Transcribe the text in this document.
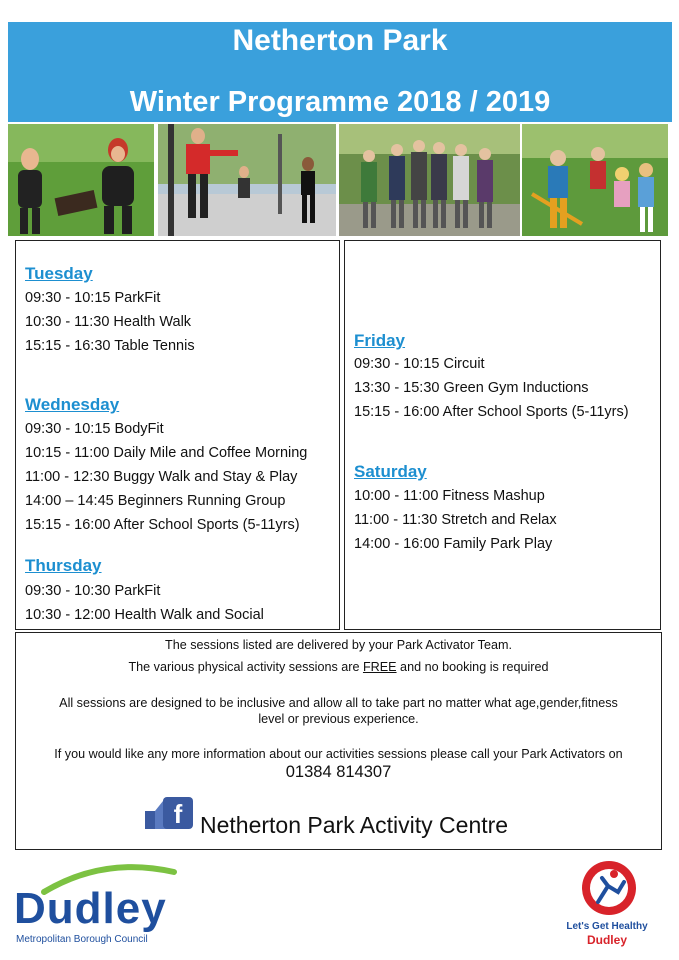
Netherton Park
Winter Programme 2018 / 2019
Tuesday
09:30 - 10:15 ParkFit
10:30 - 11:30 Health Walk
15:15 - 16:30 Table Tennis
Wednesday
09:30 - 10:15 BodyFit
10:15 - 11:00 Daily Mile and Coffee Morning
11:00 - 12:30 Buggy Walk and Stay & Play
14:00 – 14:45 Beginners Running Group
15:15 - 16:00 After School Sports (5-11yrs)
Thursday
09:30 - 10:30 ParkFit
10:30 - 12:00 Health Walk and Social
Friday
09:30 - 10:15 Circuit
13:30 - 15:30 Green Gym Inductions
15:15 - 16:00 After School Sports (5-11yrs)
Saturday
10:00 - 11:00 Fitness Mashup
11:00 - 11:30 Stretch and Relax
14:00 - 16:00 Family Park Play

The sessions listed are delivered by your Park Activator Team.

The various physical activity sessions are FREE and no booking is required

All sessions are designed to be inclusive and allow all to take part no matter what age,gender,fitness

level or previous experience.

If you would like any more information about our activities sessions please call your Park Activators on

01384 814307

f Netherton Park Activity Centre
Dudley
Metropolitan Borough Council
Let's Get Healthy
Dudley
